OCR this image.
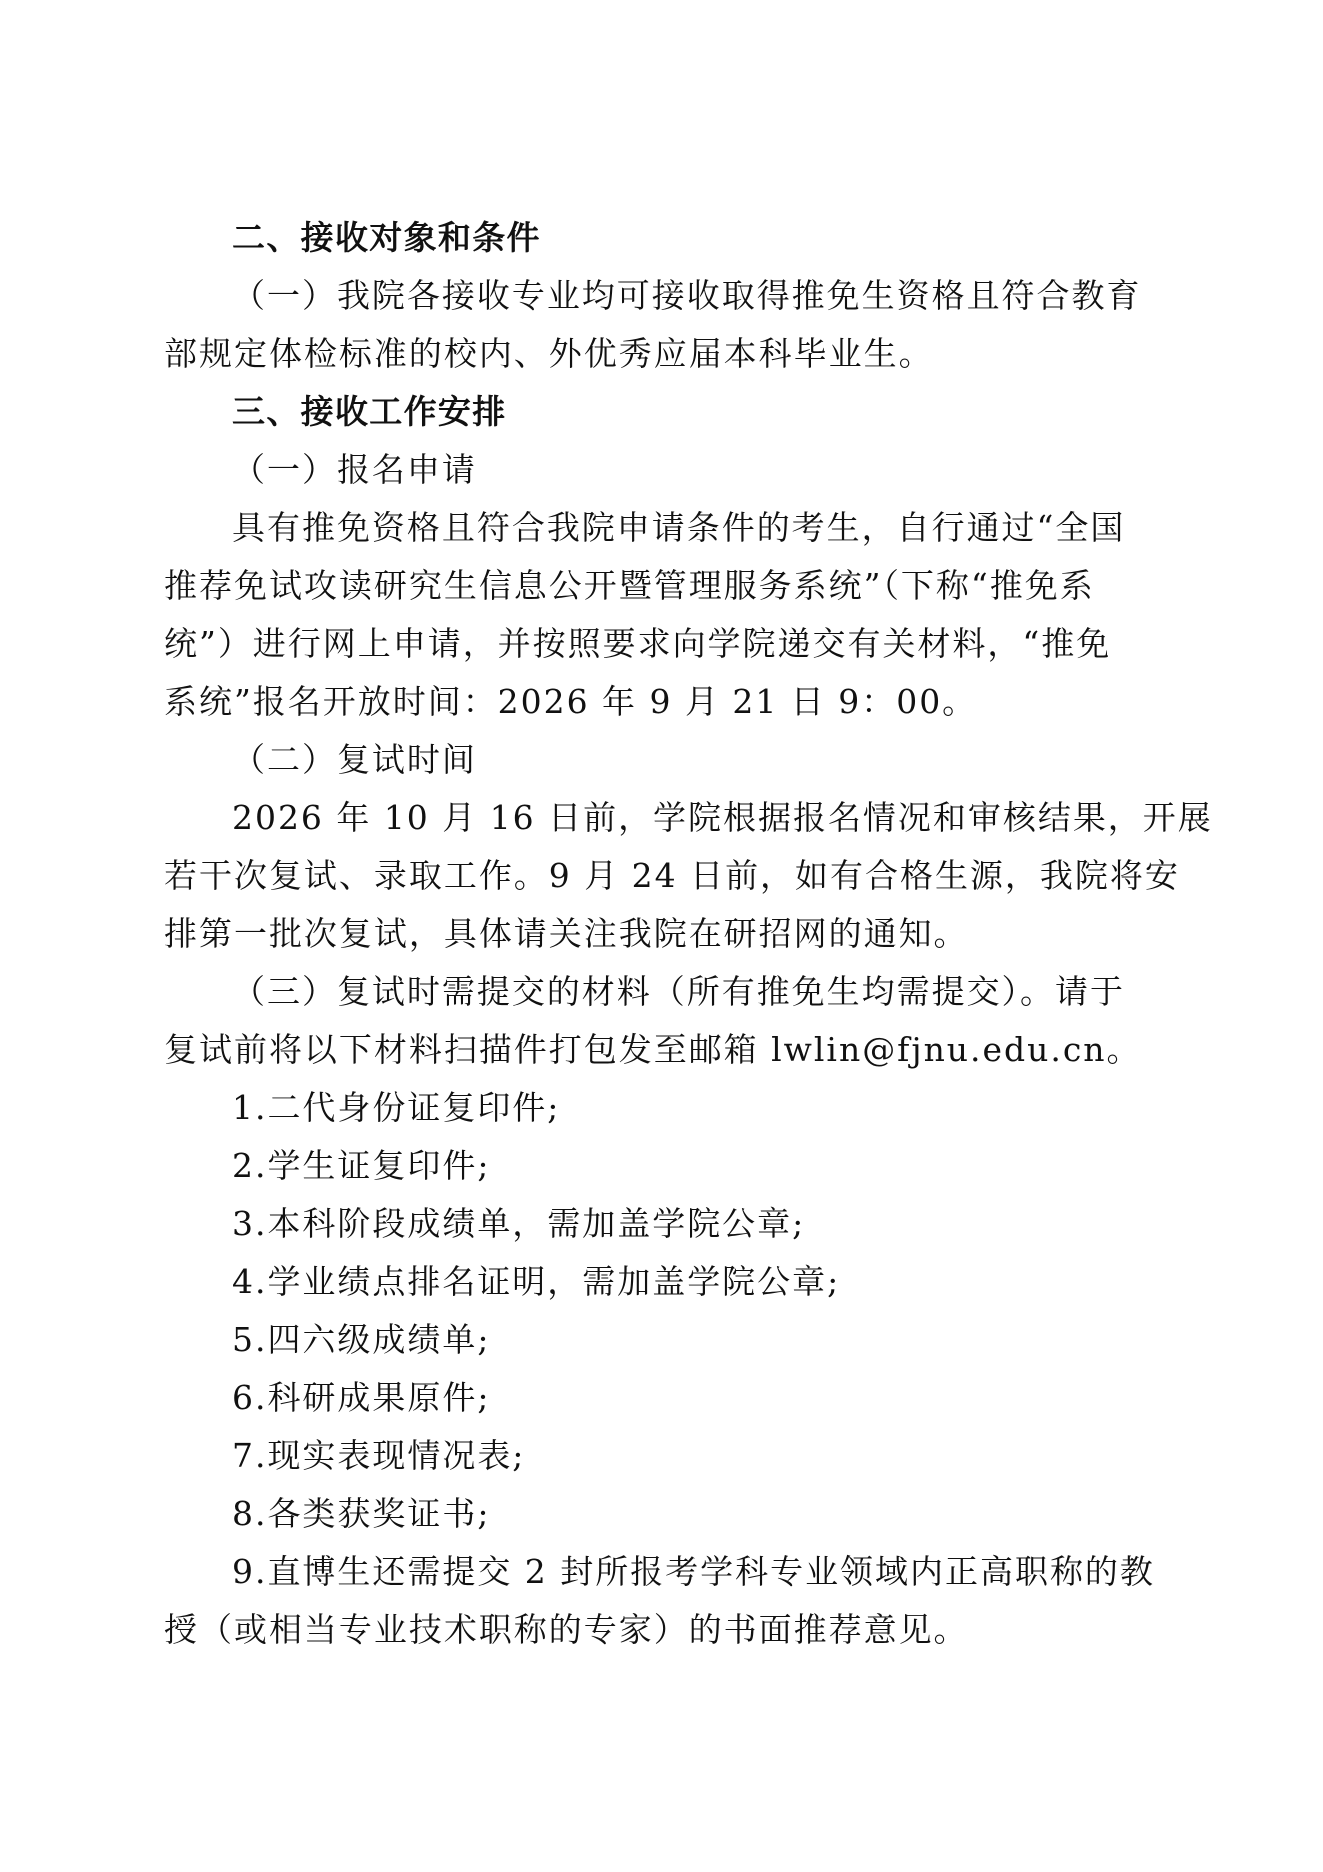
二、接收对象和条件
（一）我院各接收专业均可接收取得推免生资格且符合教育
部规定体检标准的校内、外优秀应届本科毕业生。
三、接收工作安排
（一）报名申请
具有推免资格且符合我院申请条件的考生，自行通过“全国
推荐免试攻读研究生信息公开暨管理服务系统”（下称“推免系
统”）进行网上申请，并按照要求向学院递交有关材料，“推免
系统”报名开放时间：2026 年 9 月 21 日 9：00。
（二）复试时间
2026 年 10 月 16 日前，学院根据报名情况和审核结果，开展
若干次复试、录取工作。9 月 24 日前，如有合格生源，我院将安
排第一批次复试，具体请关注我院在研招网的通知。
（三）复试时需提交的材料（所有推免生均需提交）。请于
复试前将以下材料扫描件打包发至邮箱 lwlin@fjnu.edu.cn。
1.二代身份证复印件;
2.学生证复印件;
3.本科阶段成绩单，需加盖学院公章;
4.学业绩点排名证明，需加盖学院公章;
5.四六级成绩单;
6.科研成果原件;
7.现实表现情况表;
8.各类获奖证书;
9.直博生还需提交 2 封所报考学科专业领域内正高职称的教
授（或相当专业技术职称的专家）的书面推荐意见。
